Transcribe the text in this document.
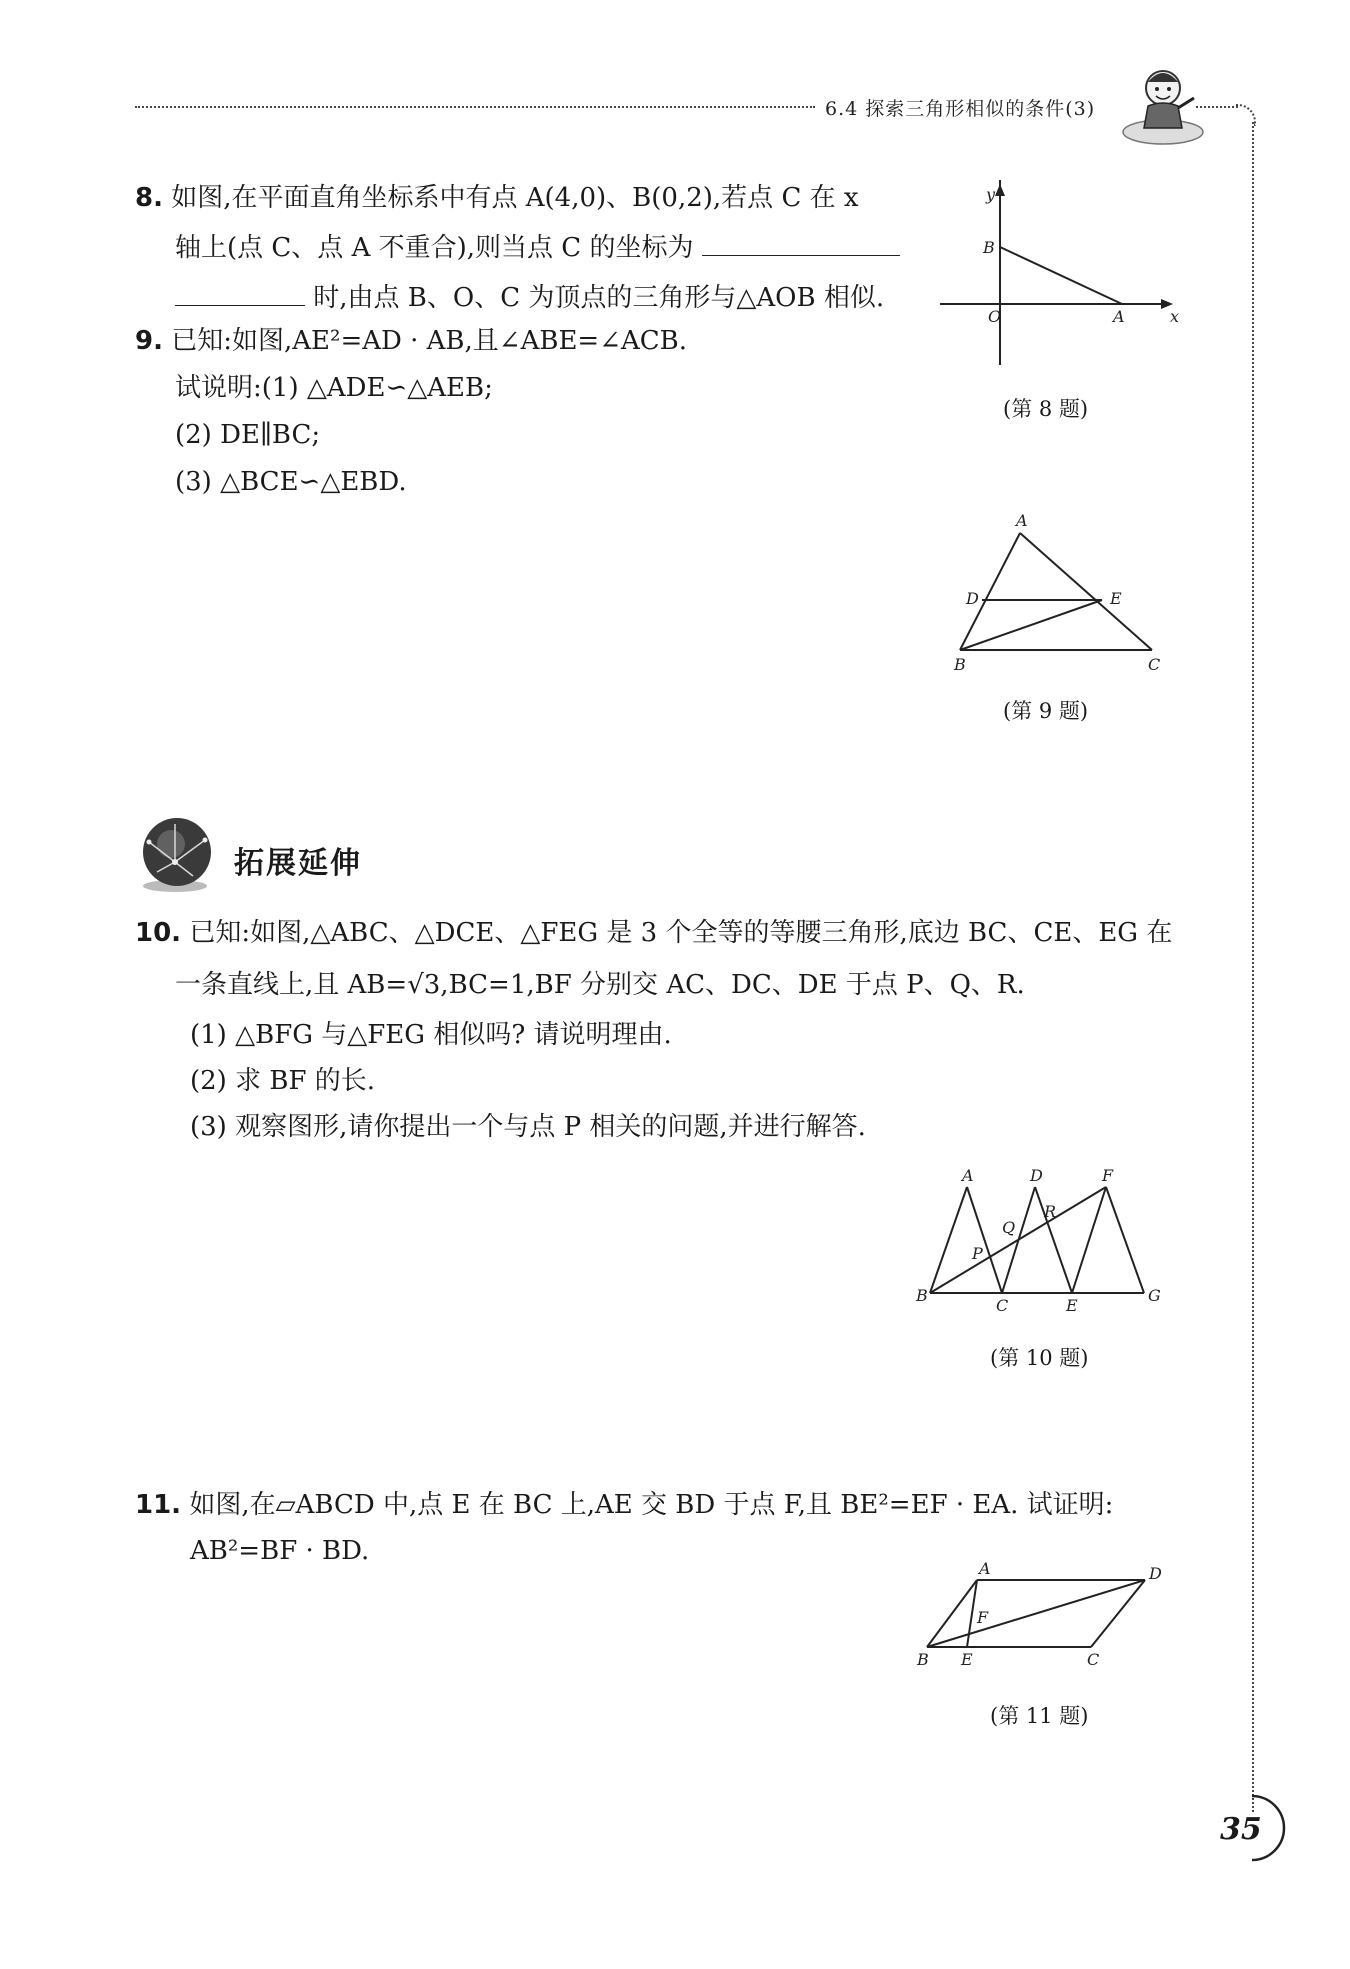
6.4 探索三角形相似的条件(3)
8. 如图,在平面直角坐标系中有点 A(4,0)、B(0,2),若点 C 在 x
轴上(点 C、点 A 不重合),则当点 C 的坐标为
时,由点 B、O、C 为顶点的三角形与△AOB 相似.
y
x
B
O	A
(第 8 题)
9. 已知:如图,AE²=AD · AB,且∠ABE=∠ACB.
试说明:(1) △ADE∽△AEB;
(2) DE∥BC;
(3) △BCE∽△EBD.
A
D	E
B	C
(第 9 题)
拓展延伸
10. 已知:如图,△ABC、△DCE、△FEG 是 3 个全等的等腰三角形,底边 BC、CE、EG 在
一条直线上,且 AB=√3,BC=1,BF 分别交 AC、DC、DE 于点 P、Q、R.
(1) △BFG 与△FEG 相似吗? 请说明理由.
(2) 求 BF 的长.
(3) 观察图形,请你提出一个与点 P 相关的问题,并进行解答.
A	D	F
R
Q
P
B
C	E
G
(第 10 题)
11. 如图,在▱ABCD 中,点 E 在 BC 上,AE 交 BD 于点 F,且 BE²=EF · EA. 试证明:
AB²=BF · BD.
A	D
F
B E	C
(第 11 题)
35
